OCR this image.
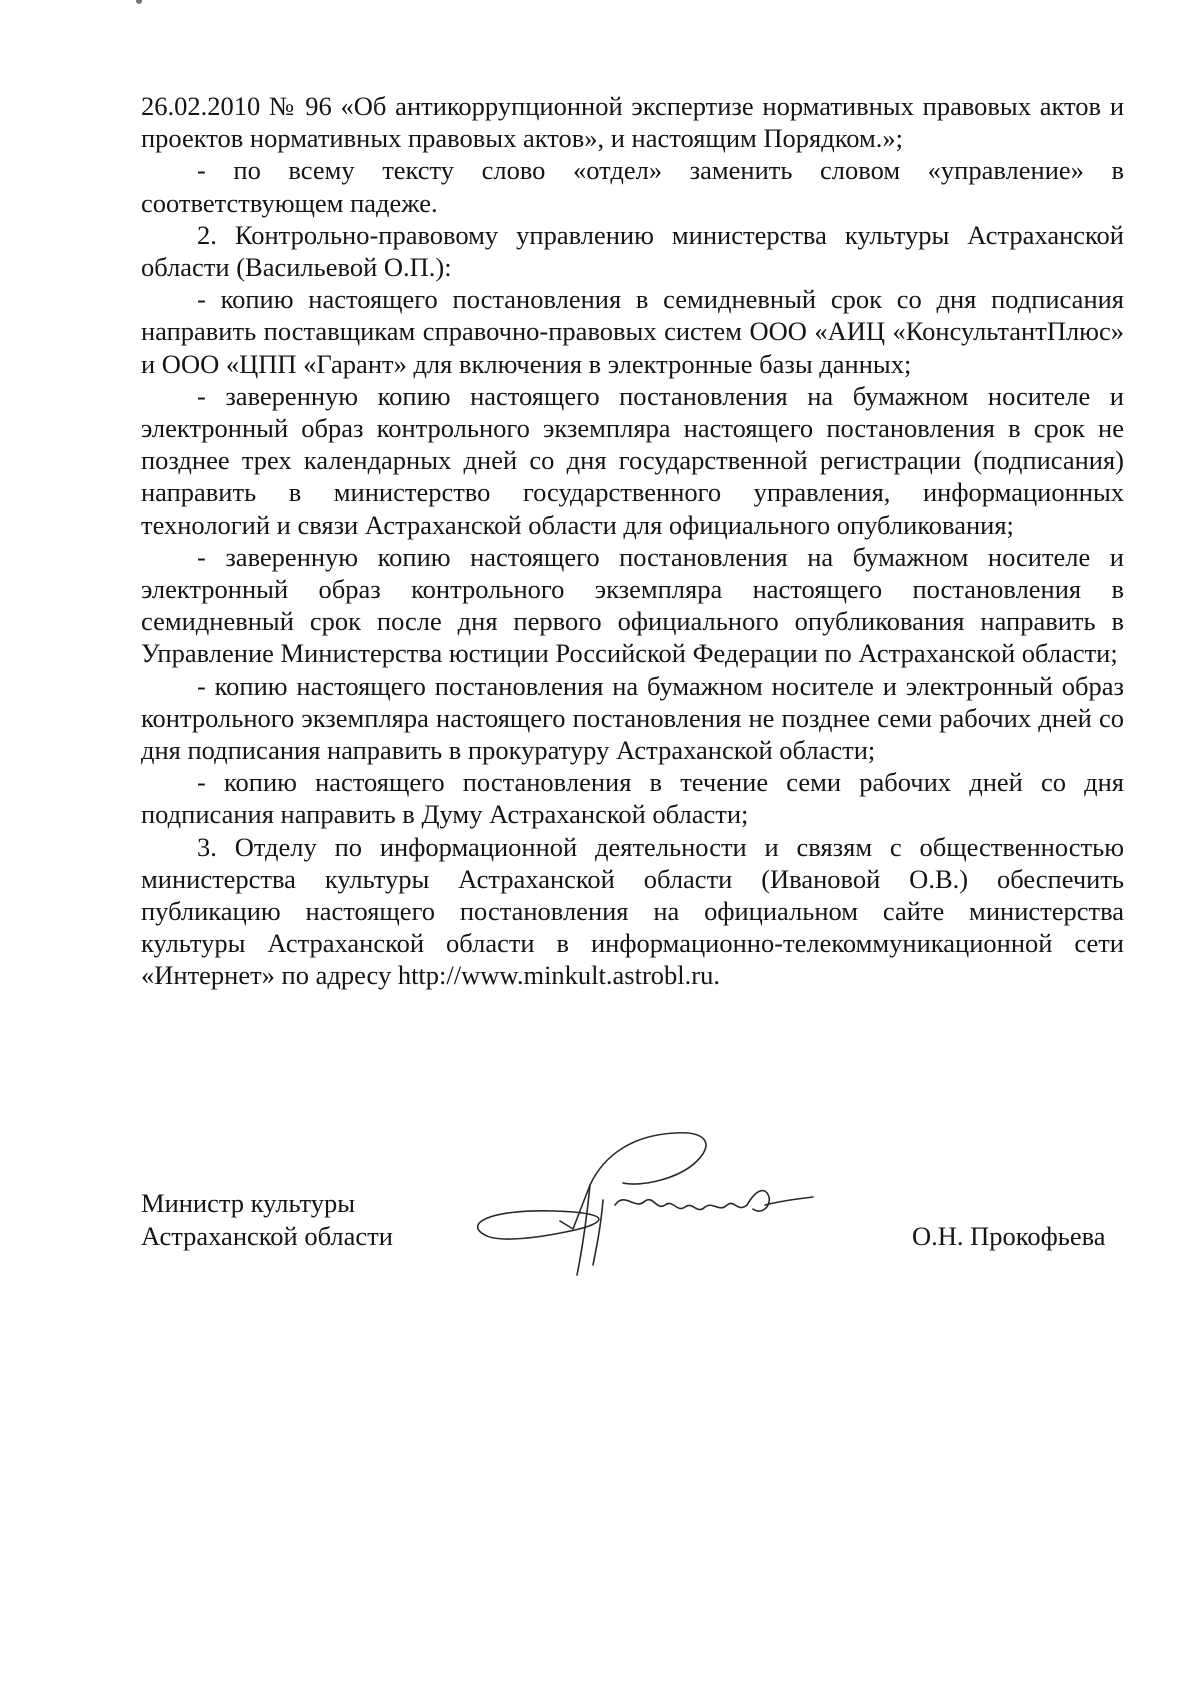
26.02.2010 № 96 «Об антикоррупционной экспертизе нормативных правовых актов и проектов нормативных правовых актов», и настоящим Порядком.»;

- по всему тексту слово «отдел» заменить словом «управление» в соответствующем падеже.

2. Контрольно-правовому управлению министерства культуры Астраханской области (Васильевой О.П.):

- копию настоящего постановления в семидневный срок со дня подписания направить поставщикам справочно-правовых систем ООО «АИЦ «КонсультантПлюс» и ООО «ЦПП «Гарант» для включения в электронные базы данных;

- заверенную копию настоящего постановления на бумажном носителе и электронный образ контрольного экземпляра настоящего постановления в срок не позднее трех календарных дней со дня государственной регистрации (подписания) направить в министерство государственного управления, информационных технологий и связи Астраханской области для официального опубликования;

- заверенную копию настоящего постановления на бумажном носителе и электронный образ контрольного экземпляра настоящего постановления в семидневный срок после дня первого официального опубликования направить в Управление Министерства юстиции Российской Федерации по Астраханской области;

- копию настоящего постановления на бумажном носителе и электронный образ контрольного экземпляра настоящего постановления не позднее семи рабочих дней со дня подписания направить в прокуратуру Астраханской области;

- копию настоящего постановления в течение семи рабочих дней со дня подписания направить в Думу Астраханской области;

3. Отделу по информационной деятельности и связям с общественностью министерства культуры Астраханской области (Ивановой О.В.) обеспечить публикацию настоящего постановления на официальном сайте министерства культуры Астраханской области в информационно-телекоммуникационной сети «Интернет» по адресу http://www.minkult.astrobl.ru.

Министр культуры
Астраханской области	О.Н. Прокофьева
